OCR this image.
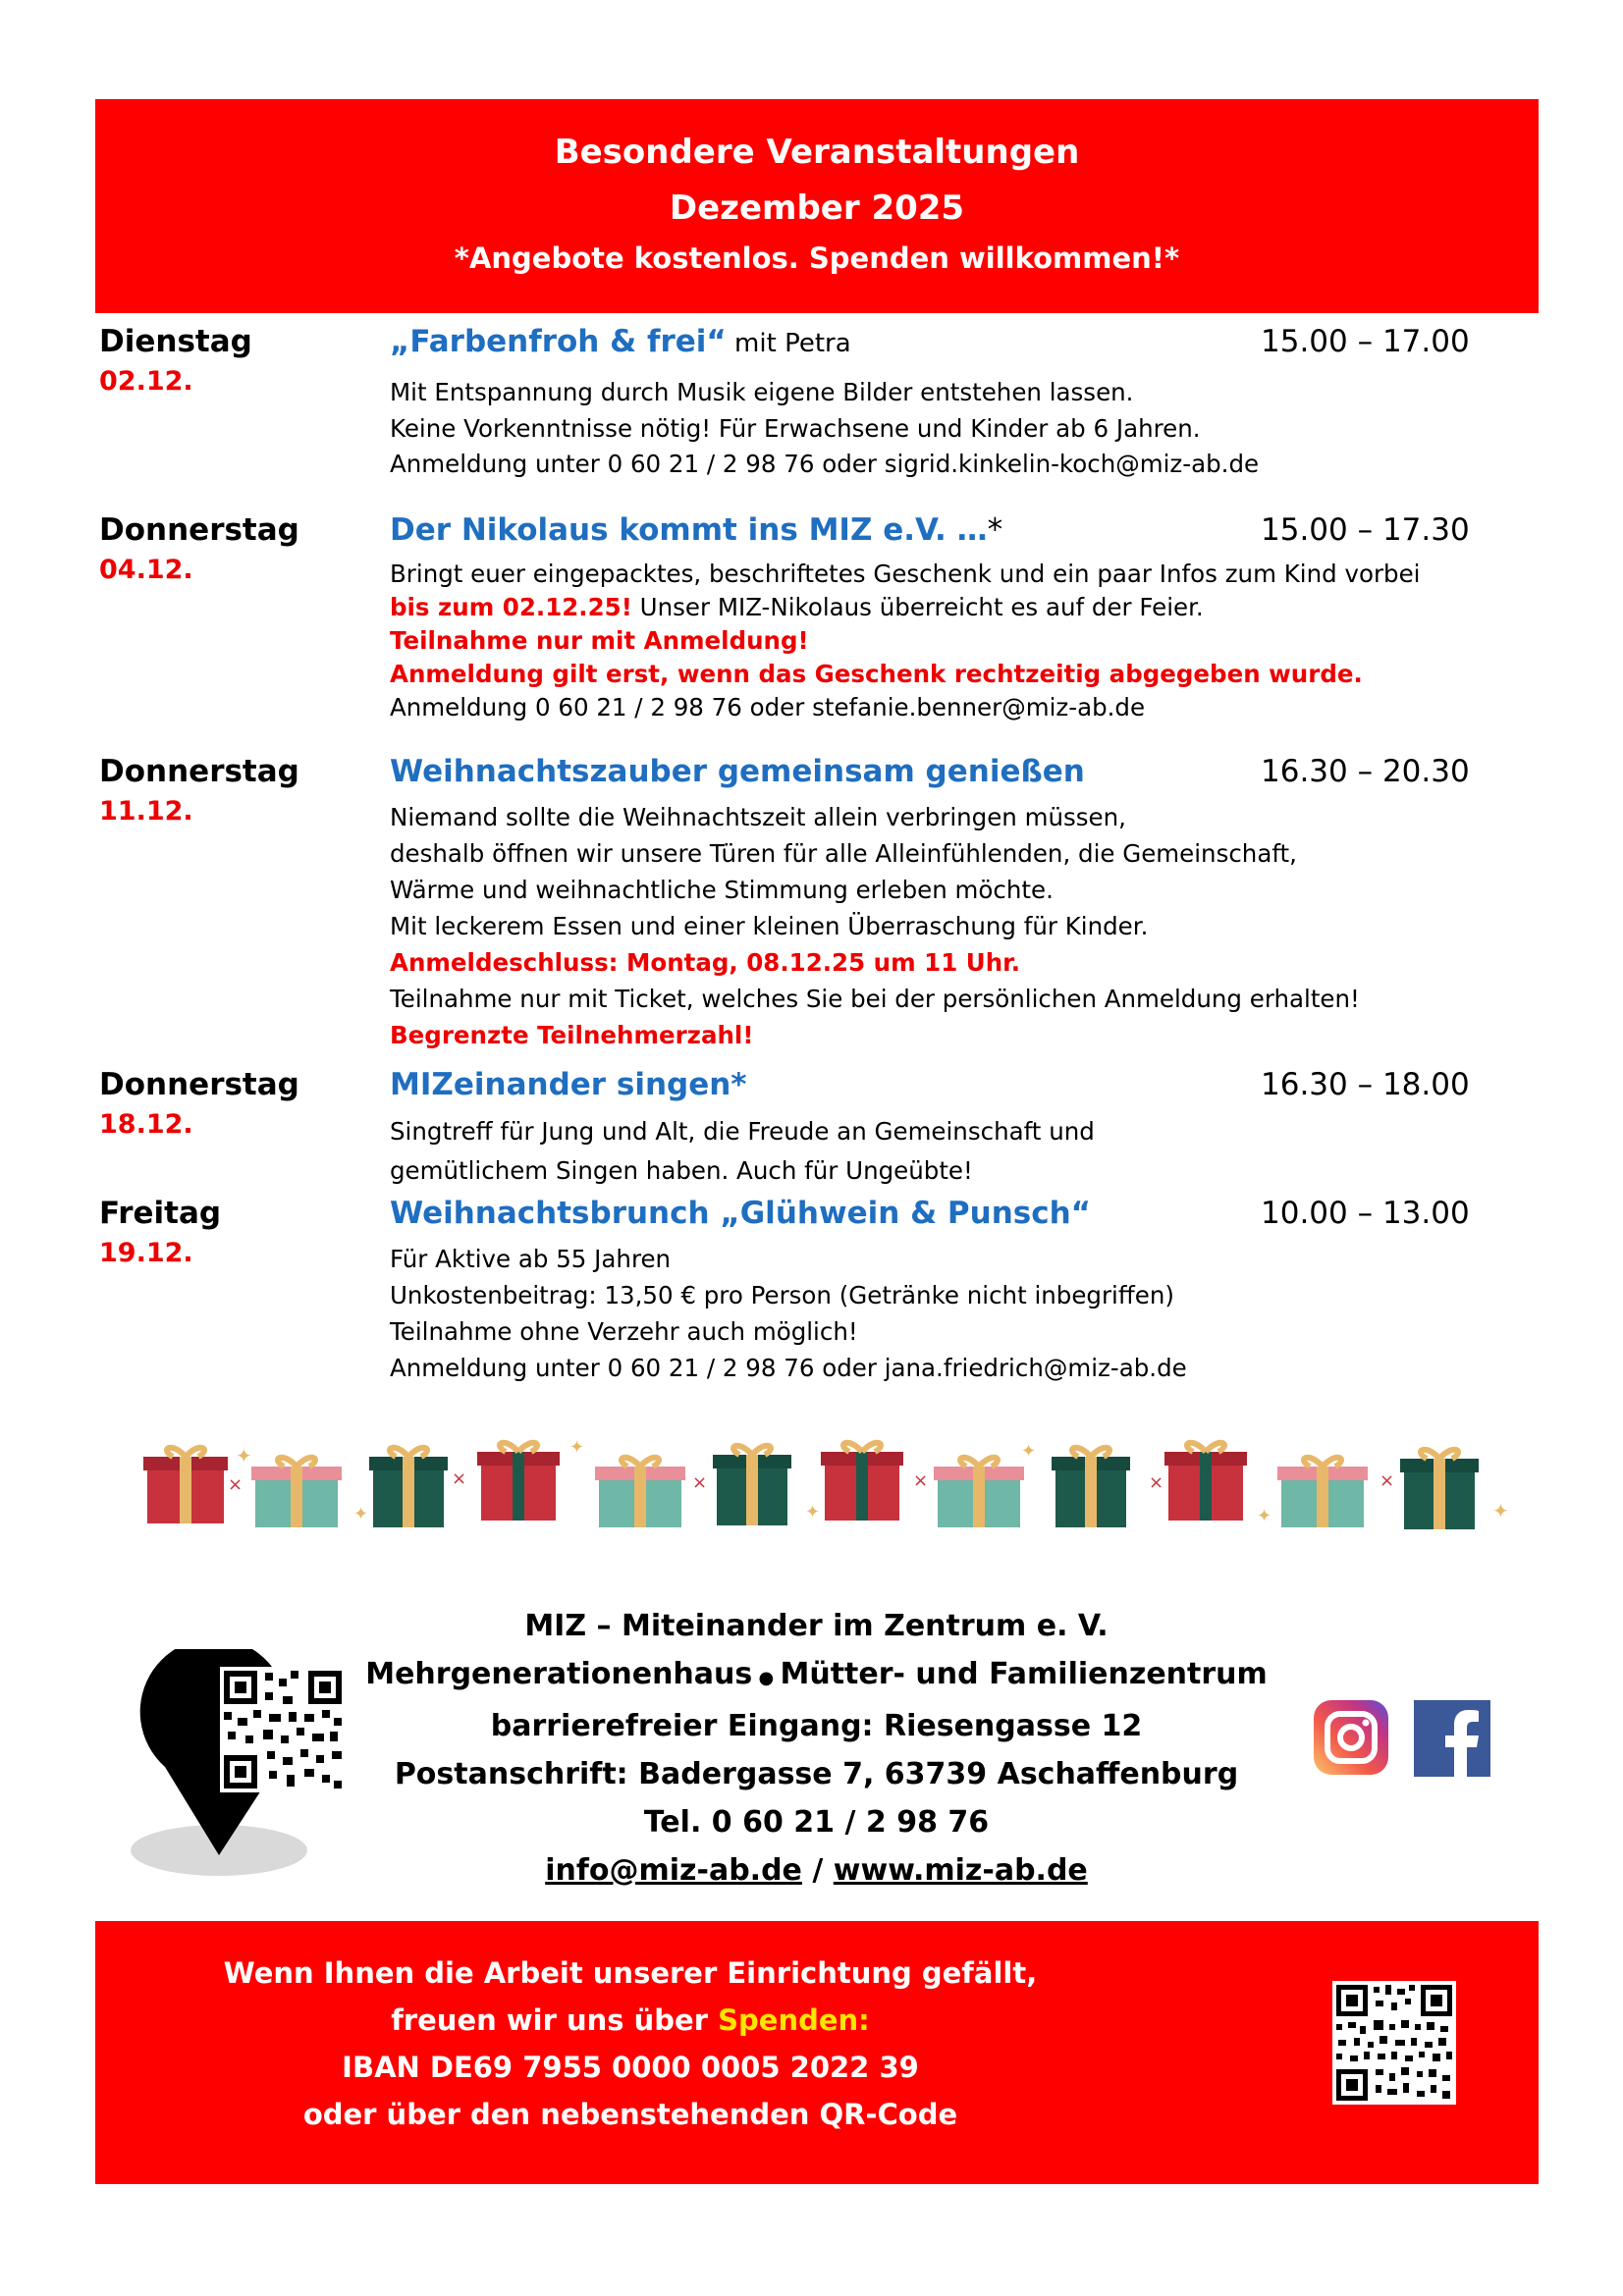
Besondere Veranstaltungen
Dezember 2025
*Angebote kostenlos. Spenden willkommen!*
Dienstag
02.12.
„Farbenfroh & frei“ mit Petra	15.00 – 17.00
Mit Entspannung durch Musik eigene Bilder entstehen lassen.
Keine Vorkenntnisse nötig! Für Erwachsene und Kinder ab 6 Jahren.
Anmeldung unter 0 60 21 / 2 98 76 oder sigrid.kinkelin-koch@miz-ab.de
Donnerstag
04.12.
Der Nikolaus kommt ins MIZ e.V. …*	15.00 – 17.30
Bringt euer eingepacktes, beschriftetes Geschenk und ein paar Infos zum Kind vorbei
bis zum 02.12.25! Unser MIZ-Nikolaus überreicht es auf der Feier.
Teilnahme nur mit Anmeldung!
Anmeldung gilt erst, wenn das Geschenk rechtzeitig abgegeben wurde.
Anmeldung 0 60 21 / 2 98 76 oder stefanie.benner@miz-ab.de
Donnerstag
11.12.
Weihnachtszauber gemeinsam genießen	16.30 – 20.30
Niemand sollte die Weihnachtszeit allein verbringen müssen,
deshalb öffnen wir unsere Türen für alle Alleinfühlenden, die Gemeinschaft,
Wärme und weihnachtliche Stimmung erleben möchte.
Mit leckerem Essen und einer kleinen Überraschung für Kinder.
Anmeldeschluss: Montag, 08.12.25 um 11 Uhr.
Teilnahme nur mit Ticket, welches Sie bei der persönlichen Anmeldung erhalten!
Begrenzte Teilnehmerzahl!
Donnerstag
18.12.
MIZeinander singen*	16.30 – 18.00
Singtreff für Jung und Alt, die Freude an Gemeinschaft und
gemütlichem Singen haben. Auch für Ungeübte!
Freitag
19.12.
Weihnachtsbrunch „Glühwein & Punsch“	10.00 – 13.00
Für Aktive ab 55 Jahren
Unkostenbeitrag: 13,50 € pro Person (Getränke nicht inbegriffen)
Teilnahme ohne Verzehr auch möglich!
Anmeldung unter 0 60 21 / 2 98 76 oder jana.friedrich@miz-ab.de
✦
✦
✦
✦
✦
✦	✦
×	×	×	×	×	×
MIZ – Miteinander im Zentrum e. V.
Mehrgenerationenhaus ● Mütter- und Familienzentrum
barrierefreier Eingang: Riesengasse 12
Postanschrift: Badergasse 7, 63739 Aschaffenburg
Tel. 0 60 21 / 2 98 76
info@miz-ab.de / www.miz-ab.de
Wenn Ihnen die Arbeit unserer Einrichtung gefällt,
freuen wir uns über Spenden:
IBAN DE69 7955 0000 0005 2022 39
oder über den nebenstehenden QR-Code
